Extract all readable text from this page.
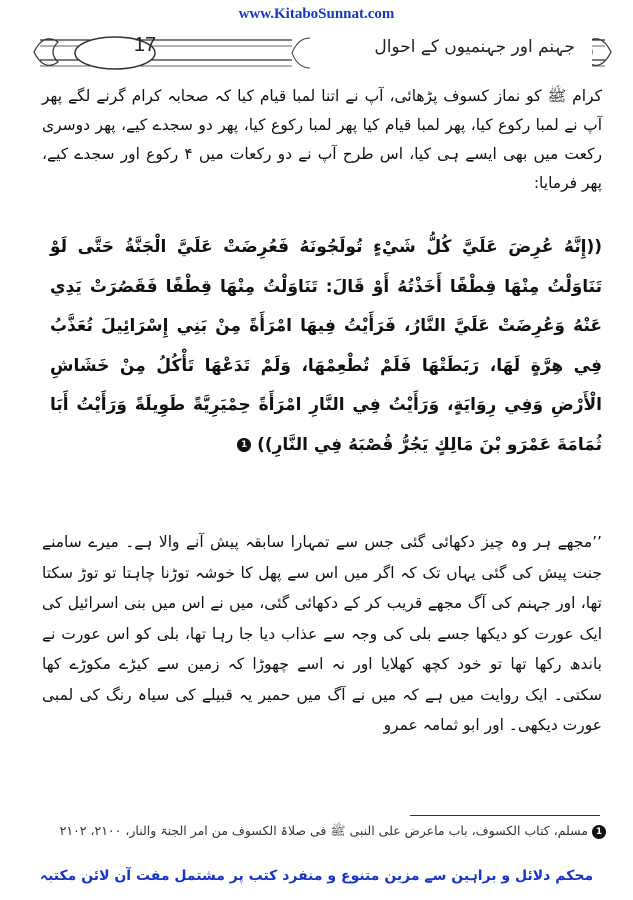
www.KitaboSunnat.com
17	جہنم اور جہنمیوں کے احوال

کرام ﷺ کو نماز کسوف پڑھائی، آپ نے اتنا لمبا قیام کیا کہ صحابہ کرام گرنے لگے پھر آپ نے لمبا رکوع کیا، پھر لمبا قیام کیا پھر لمبا رکوع کیا، پھر دو سجدے کیے، پھر دوسری رکعت میں بھی ایسے ہی کیا، اس طرح آپ نے دو رکعات میں ۴ رکوع اور سجدے کیے، پھر فرمایا:

((إِنَّهُ عُرِضَ عَلَيَّ كُلُّ شَيْءٍ تُولَجُونَهُ فَعُرِضَتْ عَلَيَّ الْجَنَّةُ حَتَّى لَوْ تَنَاوَلْتُ مِنْهَا قِطْفًا أَخَذْتُهُ أَوْ قَالَ: تَنَاوَلْتُ مِنْهَا قِطْفًا فَقَصُرَتْ يَدِي عَنْهُ وَعُرِضَتْ عَلَيَّ النَّارُ، فَرَأَيْتُ فِيهَا امْرَأَةً مِنْ بَنِي إِسْرَائِيلَ تُعَذَّبُ فِي هِرَّةٍ لَهَا، رَبَطَتْهَا فَلَمْ تُطْعِمْهَا، وَلَمْ تَدَعْهَا تَأْكُلُ مِنْ خَشَاشِ الْأَرْضِ وَفِي رِوَايَةٍ، وَرَأَيْتُ فِي النَّارِ امْرَأَةً حِمْيَرِيَّةً طَوِيلَةً وَرَأَيْتُ أَبَا ثُمَامَةَ عَمْرَو بْنَ مَالِكٍ يَجُرُّ قُصْبَهُ فِي النَّارِ)) 1

’’مجھے ہر وہ چیز دکھائی گئی جس سے تمہارا سابقہ پیش آنے والا ہے۔ میرے سامنے جنت پیش کی گئی یہاں تک کہ اگر میں اس سے پھل کا خوشہ توڑنا چاہتا تو توڑ سکتا تھا، اور جہنم کی آگ مجھے قریب کر کے دکھائی گئی، میں نے اس میں بنی اسرائیل کی ایک عورت کو دیکھا جسے بلی کی وجہ سے عذاب دیا جا رہا تھا، بلی کو اس عورت نے باندھ رکھا تھا تو خود کچھ کھلایا اور نہ اسے چھوڑا کہ زمین سے کیڑے مکوڑے کھا سکتی۔ ایک روایت میں ہے کہ میں نے آگ میں حمیر یہ قبیلے کی سیاہ رنگ کی لمبی عورت دیکھی۔ اور ابو ثمامہ عمرو

1 مسلم، کتاب الکسوف، باب ماعرض علی النبی ﷺ فی صلاۃ الکسوف من امر الجنۃ والنار، ۲۱۰۰، ۲۱۰۲
محکم دلائل و براہین سے مزین متنوع و منفرد کتب پر مشتمل مفت آن لائن مکتبہ
